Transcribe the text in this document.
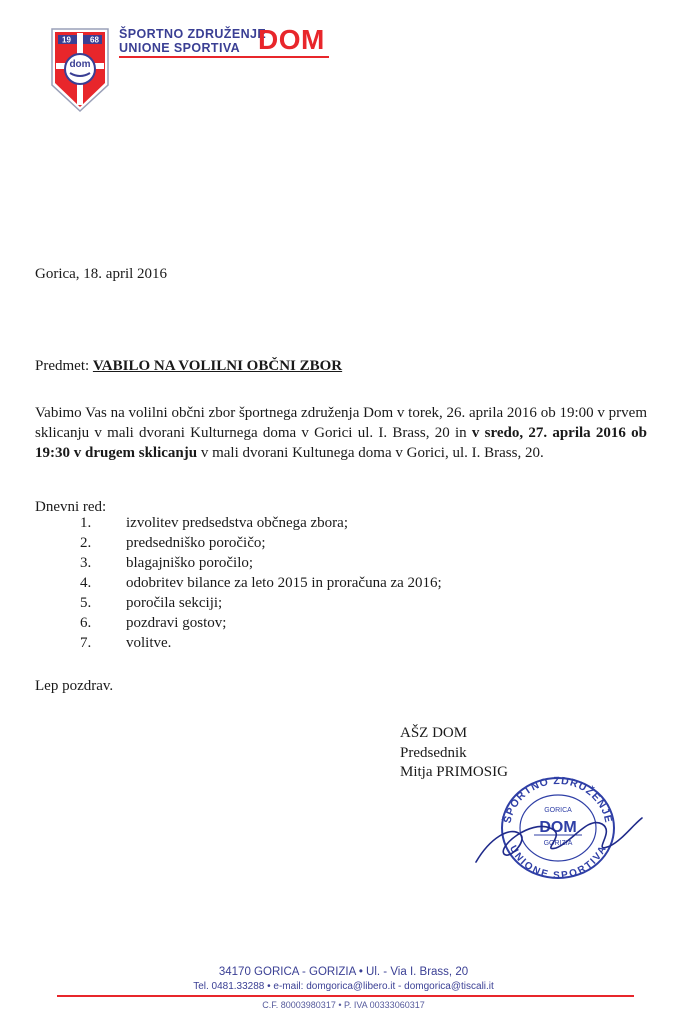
19 68
dom
ŠPORTNO ZDRUŽENJE
UNIONE SPORTIVA DOM
Gorica, 18. april 2016
Predmet: VABILO NA VOLILNI OBČNI ZBOR
Vabimo Vas na volilni občni zbor športnega združenja Dom v torek, 26. aprila 2016 ob 19:00 v prvem sklicanju v mali dvorani Kulturnega doma v Gorici ul. I. Brass, 20 in v sredo, 27. aprila 2016 ob 19:30 v drugem sklicanju v mali dvorani Kultunega doma v Gorici, ul. I. Brass, 20.
Dnevni red:
1. izvolitev predsedstva občnega zbora;
2. predsedniško poročičo;
3. blagajniško poročilo;
4. odobritev bilance za leto 2015 in proračuna za 2016;
5. poročila sekciji;
6. pozdravi gostov;
7. volitve.
Lep pozdrav.
AŠZ DOM
Predsednik
Mitja PRIMOSIG
ŠPORTNO ZDRUŽENJE
UNIONE SPORTIVA
GORICA
DOM
GORIZIA
34170 GORICA - GORIZIA • Ul. - Via I. Brass, 20
Tel. 0481.33288 • e-mail: domgorica@libero.it - domgorica@tiscali.it
C.F. 80003980317 • P. IVA 00333060317
